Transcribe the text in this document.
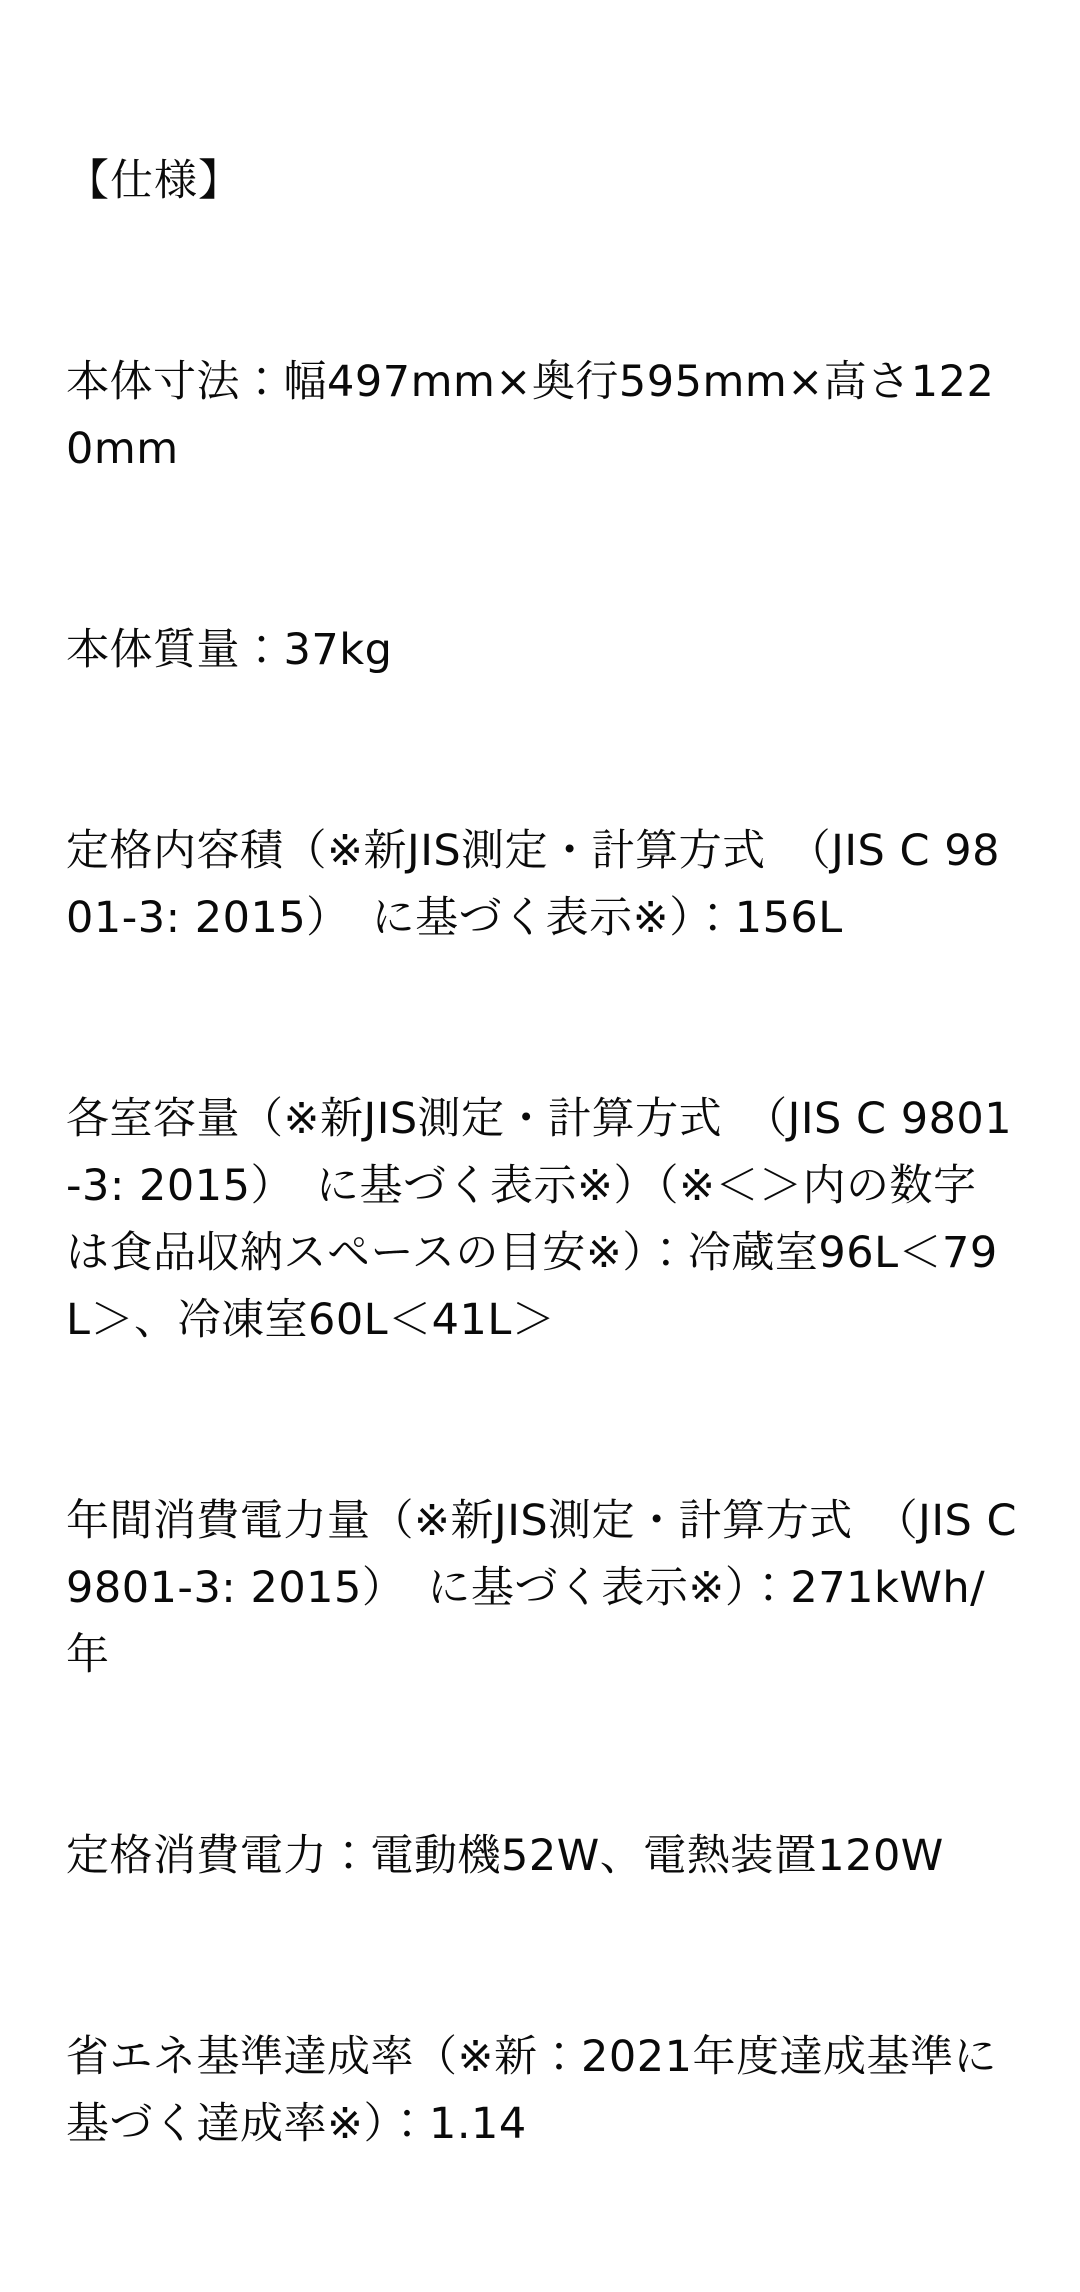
【仕様】

本体寸法：幅497mm×奥行595mm×高さ1220mm

本体質量：37kg

定格内容積（※新JIS測定・計算方式　（JIS C 9801-3: 2015）　に基づく表示※）：156L

各室容量（※新JIS測定・計算方式　（JIS C 9801-3: 2015）　に基づく表示※）（※＜＞内の数字は食品収納スペースの目安※）：冷蔵室96L＜79L＞、冷凍室60L＜41L＞

年間消費電力量（※新JIS測定・計算方式　（JIS C 9801-3: 2015）　に基づく表示※）：271kWh/年

定格消費電力：電動機52W、電熱装置120W

省エネ基準達成率（※新：2021年度達成基準に基づく達成率※）：1.14
